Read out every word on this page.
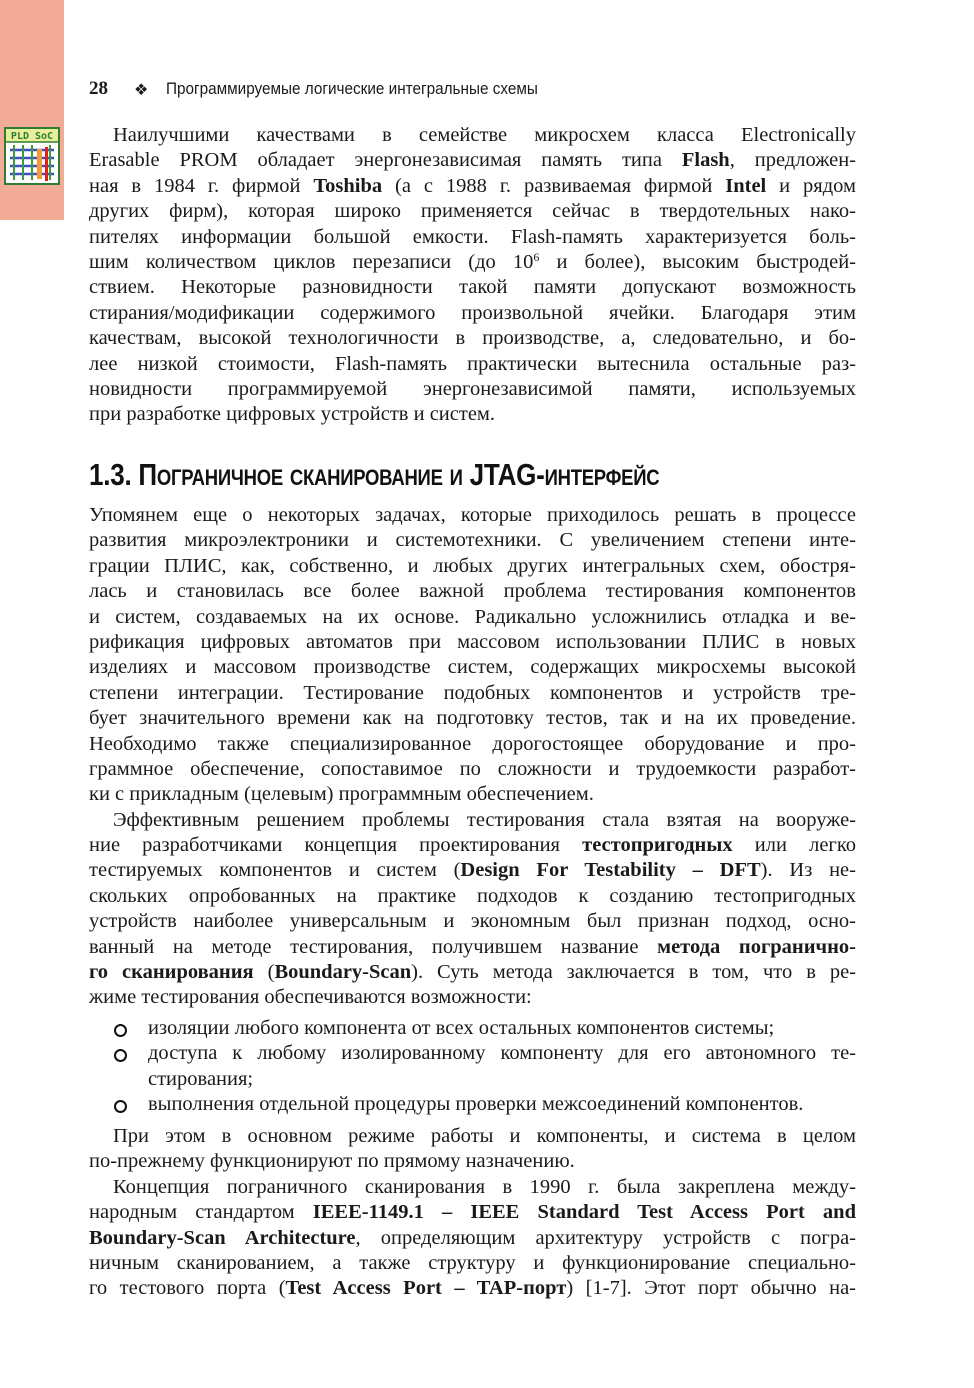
PLD SoC
28 ❖ Программируемые логические интегральные схемы
Наилучшими качествами в семействе микросхем класса Electronically
Erasable PROM обладает энергонезависимая память типа Flash, предложен-
ная в 1984 г. фирмой Toshiba (а с 1988 г. развиваемая фирмой Intel и рядом
других фирм), которая широко применяется сейчас в твердотельных нако-
пителях информации большой емкости. Flash-память характеризуется боль-
шим количеством циклов перезаписи (до $10^6$ и более), высоким быстродей-
ствием. Некоторые разновидности такой памяти допускают возможность
стирания/модификации содержимого произвольной ячейки. Благодаря этим
качествам, высокой технологичности в производстве, а, следовательно, и бо-
лее низкой стоимости, Flash-память практически вытеснила остальные раз-
новидности программируемой энергонезависимой памяти, используемых
при разработке цифровых устройств и систем.
1.3. Пограничное сканирование и JTAG-интерфейс
Упомянем еще о некоторых задачах, которые приходилось решать в процессе
развития микроэлектроники и системотехники. С увеличением степени инте-
грации ПЛИС, как, собственно, и любых других интегральных схем, обостря-
лась и становилась все более важной проблема тестирования компонентов
и систем, создаваемых на их основе. Радикально усложнились отладка и ве-
рификация цифровых автоматов при массовом использовании ПЛИС в новых
изделиях и массовом производстве систем, содержащих микросхемы высокой
степени интеграции. Тестирование подобных компонентов и устройств тре-
бует значительного времени как на подготовку тестов, так и на их проведение.
Необходимо также специализированное дорогостоящее оборудование и про-
граммное обеспечение, сопоставимое по сложности и трудоемкости разработ-
ки с прикладным (целевым) программным обеспечением.
Эффективным решением проблемы тестирования стала взятая на вооруже-
ние разработчиками концепция проектирования тестопригодных или легко
тестируемых компонентов и систем (Design For Testability – DFT). Из не-
скольких опробованных на практике подходов к созданию тестопригодных
устройств наиболее универсальным и экономным был признан подход, осно-
ванный на методе тестирования, получившем название метода погранично-
го сканирования (Boundary-Scan). Суть метода заключается в том, что в ре-
жиме тестирования обеспечиваются возможности:
изоляции любого компонента от всех остальных компонентов системы;
доступа к любому изолированному компоненту для его автономного те-
стирования;
выполнения отдельной процедуры проверки межсоединений компонентов.
При этом в основном режиме работы и компоненты, и система в целом
по-прежнему функционируют по прямому назначению.
Концепция пограничного сканирования в 1990 г. была закреплена между-
народным стандартом IEEE-1149.1 – IEEE Standard Test Access Port and
Boundary-Scan Architecture, определяющим архитектуру устройств с погра-
ничным сканированием, а также структуру и функционирование специально-
го тестового порта (Test Access Port – TAP-порт) [1-7]. Этот порт обычно на-
